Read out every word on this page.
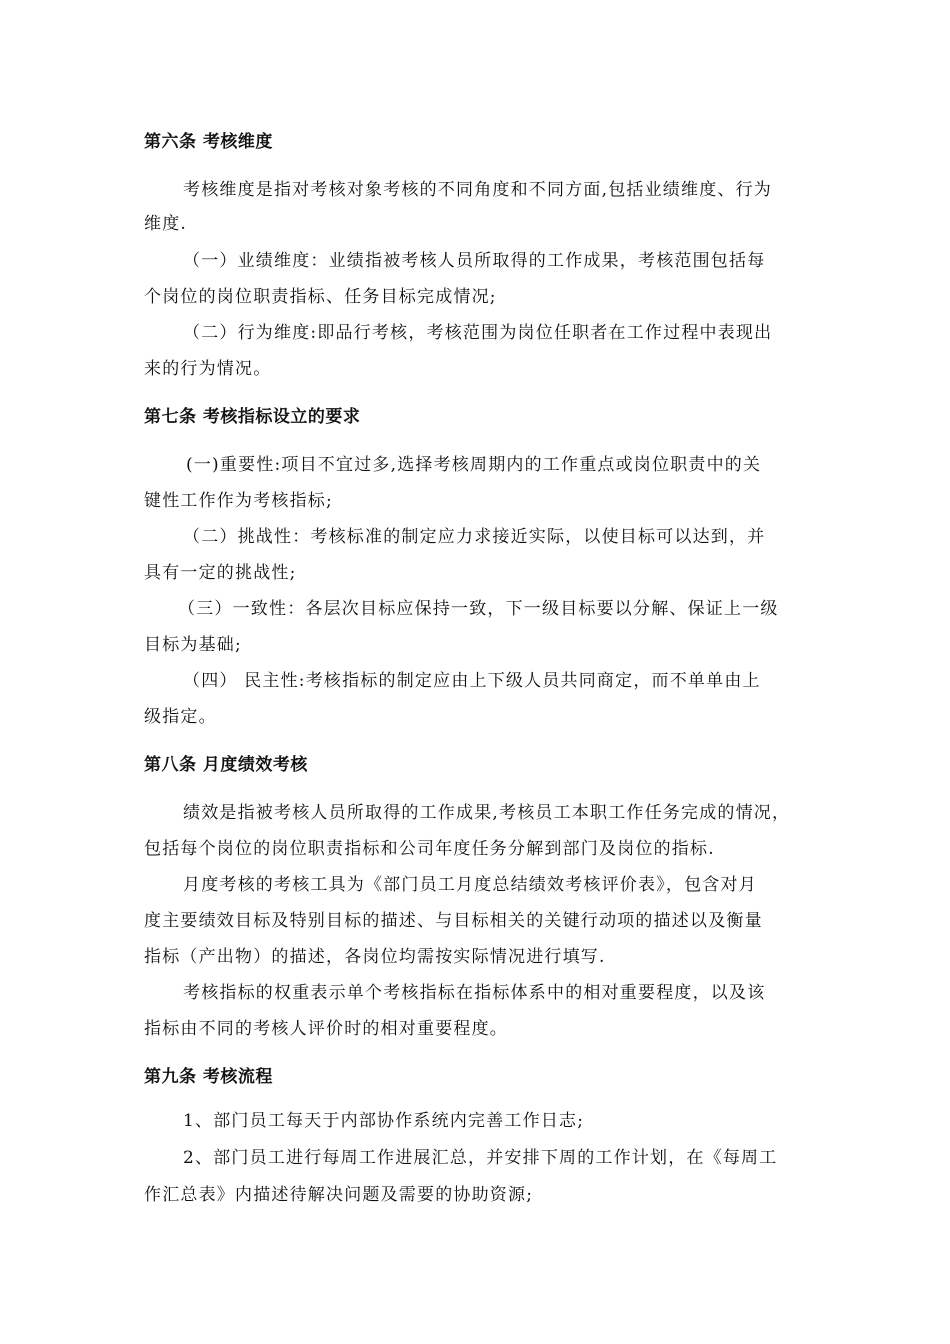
第六条 考核维度
考核维度是指对考核对象考核的不同角度和不同方面,包括业绩维度、行为
维度.
（一）业绩维度：业绩指被考核人员所取得的工作成果，考核范围包括每
个岗位的岗位职责指标、任务目标完成情况;
（二）行为维度:即品行考核，考核范围为岗位任职者在工作过程中表现出
来的行为情况。
第七条 考核指标设立的要求
(一)重要性:项目不宜过多,选择考核周期内的工作重点或岗位职责中的关
键性工作作为考核指标;
（二）挑战性：考核标准的制定应力求接近实际，以使目标可以达到，并
具有一定的挑战性;
（三）一致性：各层次目标应保持一致，下一级目标要以分解、保证上一级
目标为基础;
（四） 民主性:考核指标的制定应由上下级人员共同商定，而不单单由上
级指定。
第八条 月度绩效考核
绩效是指被考核人员所取得的工作成果,考核员工本职工作任务完成的情况，
包括每个岗位的岗位职责指标和公司年度任务分解到部门及岗位的指标.
月度考核的考核工具为《部门员工月度总结绩效考核评价表》，包含对月
度主要绩效目标及特别目标的描述、与目标相关的关键行动项的描述以及衡量
指标（产出物）的描述，各岗位均需按实际情况进行填写.
考核指标的权重表示单个考核指标在指标体系中的相对重要程度，以及该
指标由不同的考核人评价时的相对重要程度。
第九条 考核流程
1、部门员工每天于内部协作系统内完善工作日志;
2、部门员工进行每周工作进展汇总，并安排下周的工作计划，在《每周工
作汇总表》内描述待解决问题及需要的协助资源;
